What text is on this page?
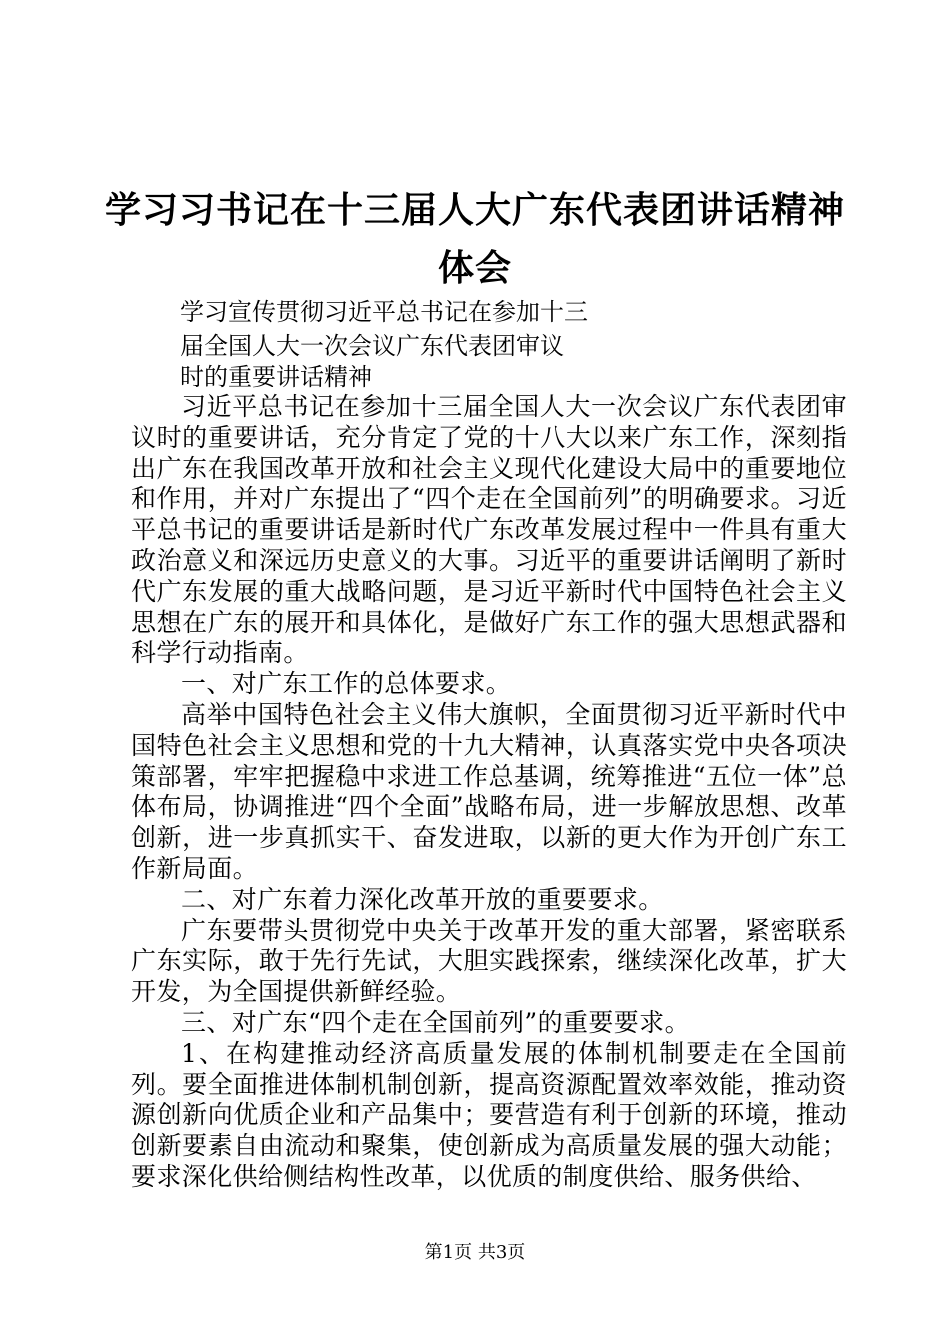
学习习书记在十三届人大广东代表团讲话精神
体会
学习宣传贯彻习近平总书记在参加十三
届全国人大一次会议广东代表团审议
时的重要讲话精神

习近平总书记在参加十三届全国人大一次会议广东代表团审议时的重要讲话，充分肯定了党的十八大以来广东工作，深刻指出广东在我国改革开放和社会主义现代化建设大局中的重要地位和作用，并对广东提出了“四个走在全国前列”的明确要求。习近平总书记的重要讲话是新时代广东改革发展过程中一件具有重大政治意义和深远历史意义的大事。习近平的重要讲话阐明了新时代广东发展的重大战略问题，是习近平新时代中国特色社会主义思想在广东的展开和具体化，是做好广东工作的强大思想武器和科学行动指南。

一、对广东工作的总体要求。

高举中国特色社会主义伟大旗帜，全面贯彻习近平新时代中国特色社会主义思想和党的十九大精神，认真落实党中央各项决策部署，牢牢把握稳中求进工作总基调，统筹推进“五位一体”总体布局，协调推进“四个全面”战略布局，进一步解放思想、改革创新，进一步真抓实干、奋发进取，以新的更大作为开创广东工作新局面。

二、对广东着力深化改革开放的重要要求。

广东要带头贯彻党中央关于改革开发的重大部署，紧密联系广东实际，敢于先行先试，大胆实践探索，继续深化改革，扩大开发，为全国提供新鲜经验。

三、对广东“四个走在全国前列”的重要要求。

1、在构建推动经济高质量发展的体制机制要走在全国前列。要全面推进体制机制创新，提高资源配置效率效能，推动资源创新向优质企业和产品集中；要营造有利于创新的环境，推动创新要素自由流动和聚集，使创新成为高质量发展的强大动能；要求深化供给侧结构性改革，以优质的制度供给、服务供给、

第1页 共3页
